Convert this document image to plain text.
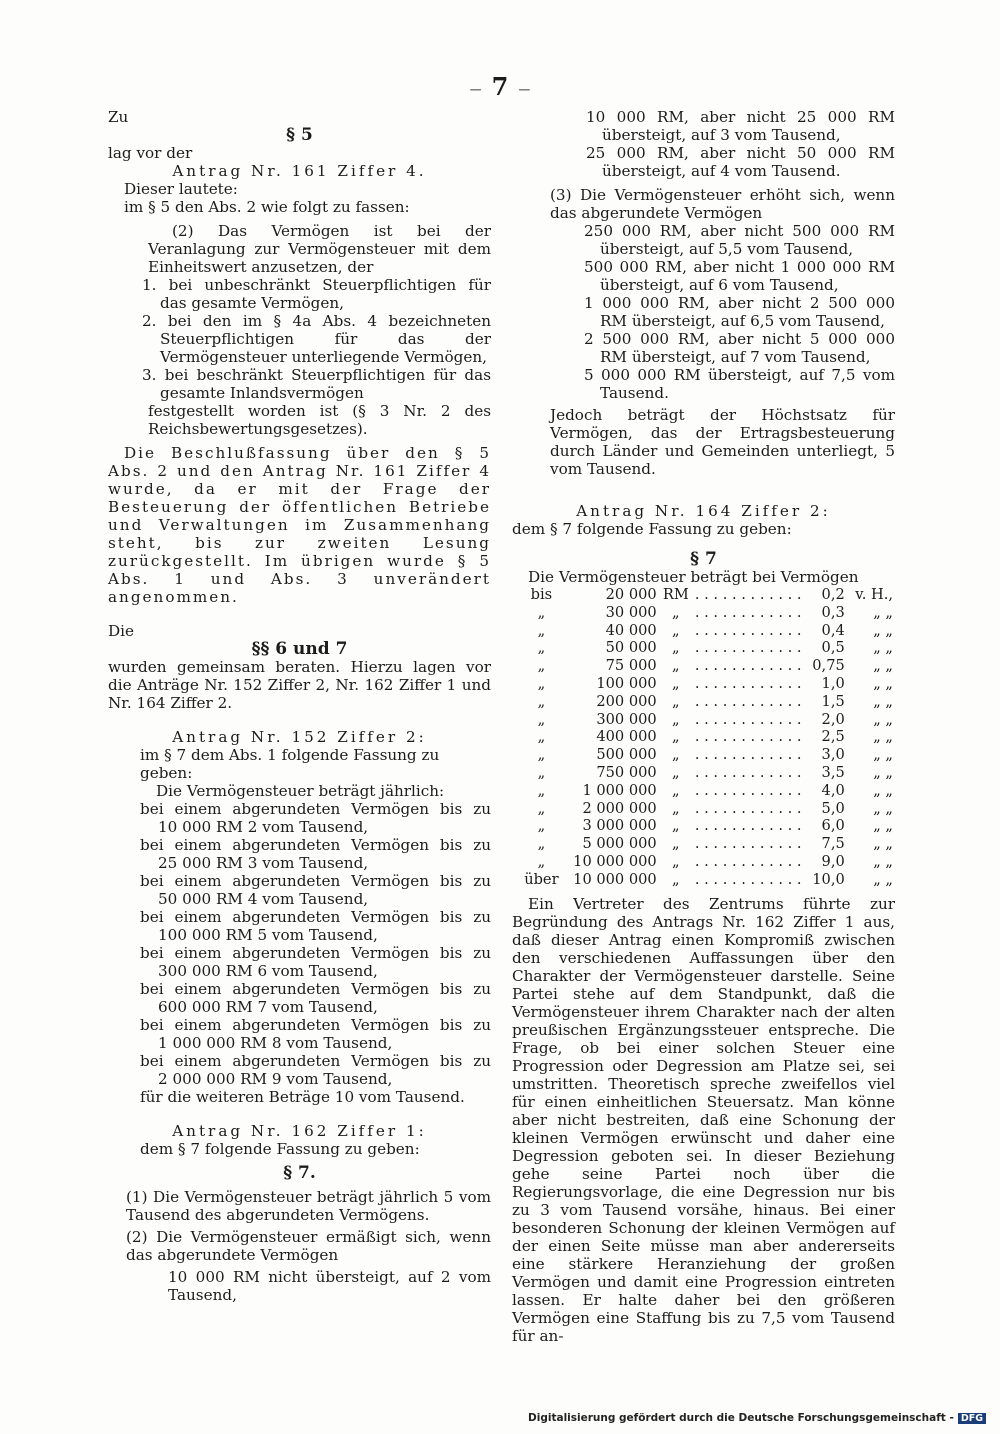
— 7 —

Zu

§ 5

lag vor der

Antrag Nr. 161 Ziffer 4.

Dieser lautete:

im § 5 den Abs. 2 wie folgt zu fassen:

(2) Das Vermögen ist bei der Veranlagung zur Vermögensteuer mit dem Einheitswert anzusetzen, der

1. bei unbeschränkt Steuerpflichtigen für das gesamte Vermögen,

2. bei den im § 4a Abs. 4 bezeichneten Steuerpflichtigen für das der Vermögensteuer unterliegende Vermögen,

3. bei beschränkt Steuerpflichtigen für das gesamte Inlandsvermögen

festgestellt worden ist (§ 3 Nr. 2 des Reichsbewertungsgesetzes).

Die Beschlußfassung über den § 5 Abs. 2 und den Antrag Nr. 161 Ziffer 4 wurde, da er mit der Frage der Besteuerung der öffentlichen Betriebe und Verwaltungen im Zusammenhang steht, bis zur zweiten Lesung zurückgestellt. Im übrigen wurde § 5 Abs. 1 und Abs. 3 unverändert angenommen.

Die

§§ 6 und 7

wurden gemeinsam beraten. Hierzu lagen vor die Anträge Nr. 152 Ziffer 2, Nr. 162 Ziffer 1 und Nr. 164 Ziffer 2.

Antrag Nr. 152 Ziffer 2:

im § 7 dem Abs. 1 folgende Fassung zu geben:

Die Vermögensteuer beträgt jährlich:

bei einem abgerundeten Vermögen bis zu

10 000 RM 2 vom Tausend,

bei einem abgerundeten Vermögen bis zu

25 000 RM 3 vom Tausend,

bei einem abgerundeten Vermögen bis zu

50 000 RM 4 vom Tausend,

bei einem abgerundeten Vermögen bis zu

100 000 RM 5 vom Tausend,

bei einem abgerundeten Vermögen bis zu

300 000 RM 6 vom Tausend,

bei einem abgerundeten Vermögen bis zu

600 000 RM 7 vom Tausend,

bei einem abgerundeten Vermögen bis zu

1 000 000 RM 8 vom Tausend,

bei einem abgerundeten Vermögen bis zu

2 000 000 RM 9 vom Tausend,

für die weiteren Beträge 10 vom Tausend.

Antrag Nr. 162 Ziffer 1:

dem § 7 folgende Fassung zu geben:

§ 7.

(1) Die Vermögensteuer beträgt jährlich 5 vom Tausend des abgerundeten Vermögens.

(2) Die Vermögensteuer ermäßigt sich, wenn das abgerundete Vermögen

10 000 RM nicht übersteigt, auf 2 vom Tausend,

10 000 RM, aber nicht 25 000 RM übersteigt, auf 3 vom Tausend,

25 000 RM, aber nicht 50 000 RM übersteigt, auf 4 vom Tausend.

(3) Die Vermögensteuer erhöht sich, wenn das abgerundete Vermögen

250 000 RM, aber nicht 500 000 RM übersteigt, auf 5,5 vom Tausend,

500 000 RM, aber nicht 1 000 000 RM übersteigt, auf 6 vom Tausend,

1 000 000 RM, aber nicht 2 500 000 RM übersteigt, auf 6,5 vom Tausend,

2 500 000 RM, aber nicht 5 000 000 RM übersteigt, auf 7 vom Tausend,

5 000 000 RM übersteigt, auf 7,5 vom Tausend.

Jedoch beträgt der Höchstsatz für Vermögen, das der Ertragsbesteuerung durch Länder und Gemeinden unterliegt, 5 vom Tausend.

Antrag Nr. 164 Ziffer 2:

dem § 7 folgende Fassung zu geben:

§ 7

Die Vermögensteuer beträgt bei Vermögen

bis	20 000	RM	. . . . . . . . . . . .	0,2	v. H.,
„	30 000	„	. . . . . . . . . . . .	0,3	„ „
„	40 000	„	. . . . . . . . . . . .	0,4	„ „
„	50 000	„	. . . . . . . . . . . .	0,5	„ „
„	75 000	„	. . . . . . . . . . . .	0,75	„ „
„	100 000	„	. . . . . . . . . . . .	1,0	„ „
„	200 000	„	. . . . . . . . . . . .	1,5	„ „
„	300 000	„	. . . . . . . . . . . .	2,0	„ „
„	400 000	„	. . . . . . . . . . . .	2,5	„ „
„	500 000	„	. . . . . . . . . . . .	3,0	„ „
„	750 000	„	. . . . . . . . . . . .	3,5	„ „
„	1 000 000	„	. . . . . . . . . . . .	4,0	„ „
„	2 000 000	„	. . . . . . . . . . . .	5,0	„ „
„	3 000 000	„	. . . . . . . . . . . .	6,0	„ „
„	5 000 000	„	. . . . . . . . . . . .	7,5	„ „
„	10 000 000	„	. . . . . . . . . . . .	9,0	„ „
über	10 000 000	„	. . . . . . . . . . . .	10,0	„ „

Ein Vertreter des Zentrums führte zur Begründung des Antrags Nr. 162 Ziffer 1 aus, daß dieser Antrag einen Kompromiß zwischen den verschiedenen Auffassungen über den Charakter der Vermögensteuer darstelle. Seine Partei stehe auf dem Standpunkt, daß die Vermögensteuer ihrem Charakter nach der alten preußischen Ergänzungssteuer entspreche. Die Frage, ob bei einer solchen Steuer eine Progression oder Degression am Platze sei, sei umstritten. Theoretisch spreche zweifellos viel für einen einheitlichen Steuersatz. Man könne aber nicht bestreiten, daß eine Schonung der kleinen Vermögen erwünscht und daher eine Degression geboten sei. In dieser Beziehung gehe seine Partei noch über die Regierungsvorlage, die eine Degression nur bis zu 3 vom Tausend vorsähe, hinaus. Bei einer besonderen Schonung der kleinen Vermögen auf der einen Seite müsse man aber andererseits eine stärkere Heranziehung der großen Vermögen und damit eine Progression eintreten lassen. Er halte daher bei den größeren Vermögen eine Staffung bis zu 7,5 vom Tausend für an-

Digitalisierung gefördert durch die Deutsche Forschungsgemeinschaft - DFG
